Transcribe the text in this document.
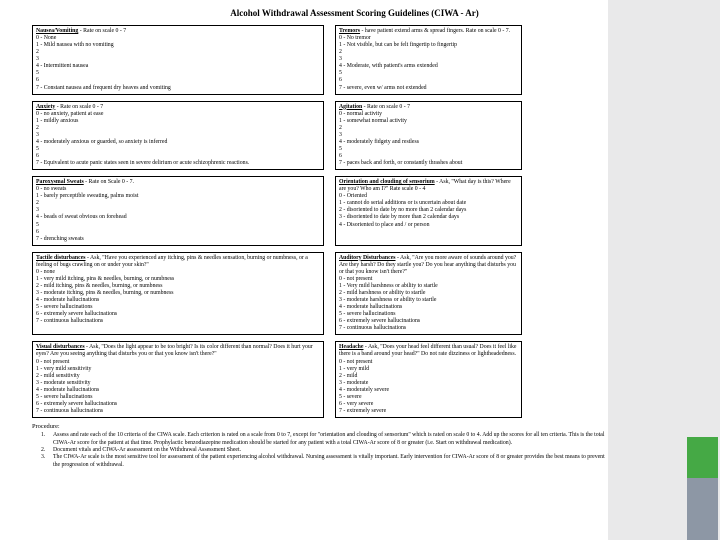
Alcohol Withdrawal Assessment Scoring Guidelines (CIWA - Ar)
Nausea/Vomiting - Rate on scale 0 - 7
0 - None
1 - Mild nausea with no vomiting
2
3
4 - Intermittent nausea
5
6
7 - Constant nausea and frequent dry heaves and vomiting
Tremors - have patient extend arms & spread fingers. Rate on scale 0 - 7.
0 - No tremor
1 - Not visible, but can be felt fingertip to fingertip
2
3
4 - Moderate, with patient's arms extended
5
6
7 - severe, even w/ arms not extended
Anxiety - Rate on scale 0 - 7
0 - no anxiety, patient at ease
1 - mildly anxious
2
3
4 - moderately anxious or guarded, so anxiety is inferred
5
6
7 - Equivalent to acute panic states seen in severe delirium or acute schizophrenic reactions.
Agitation - Rate on scale 0 - 7
0 - normal activity
1 - somewhat normal activity
2
3
4 - moderately fidgety and restless
5
6
7 - paces back and forth, or constantly thrashes about
Paroxysmal Sweats - Rate on Scale 0 - 7.
0 - no sweats
1 - barely perceptible sweating, palms moist
2
3
4 - beads of sweat obvious on forehead
5
6
7 - drenching sweats
Orientation and clouding of sensorium - Ask, "What day is this? Where are you? Who am I?" Rate scale 0 - 4
0 - Oriented
1 - cannot do serial additions or is uncertain about date
2 - disoriented to date by no more than 2 calendar days
3 - disoriented to date by more than 2 calendar days
4 - Disoriented to place and / or person
Tactile disturbances - Ask, "Have you experienced any itching, pins & needles sensation, burning or numbness, or a feeling of bugs crawling on or under your skin?"
0 - none
1 - very mild itching, pins & needles, burning, or numbness
2 - mild itching, pins & needles, burning, or numbness
3 - moderate itching, pins & needles, burning, or numbness
4 - moderate hallucinations
5 - severe hallucinations
6 - extremely severe hallucinations
7 - continuous hallucinations
Auditory Disturbances - Ask, "Are you more aware of sounds around you? Are they harsh? Do they startle you? Do you hear anything that disturbs you or that you know isn't there?"
0 - not present
1 - Very mild harshness or ability to startle
2 - mild harshness or ability to startle
3 - moderate harshness or ability to startle
4 - moderate hallucinations
5 - severe hallucinations
6 - extremely severe hallucinations
7 - continuous hallucinations
Visual disturbances - Ask, "Does the light appear to be too bright? Is its color different than normal? Does it hurt your eyes? Are you seeing anything that disturbs you or that you know isn't there?"
0 - not present
1 - very mild sensitivity
2 - mild sensitivity
3 - moderate sensitivity
4 - moderate hallucinations
5 - severe hallucinations
6 - extremely severe hallucinations
7 - continuous hallucinations
Headache - Ask, "Does your head feel different than usual? Does it feel like there is a band around your head?" Do not rate dizziness or lightheadedness.
0 - not present
1 - very mild
2 - mild
3 - moderate
4 - moderately severe
5 - severe
6 - very severe
7 - extremely severe
Procedure:
1.	Assess and rate each of the 10 criteria of the CIWA scale. Each criterion is rated on a scale from 0 to 7, except for "orientation and clouding of sensorium" which is rated on scale 0 to 4. Add up the scores for all ten criteria. This is the total CIWA-Ar score for the patient at that time. Prophylactic benzodiazepine medication should be started for any patient with a total CIWA-Ar score of 8 or greater (i.e. Start on withdrawal medication).
2.	Document vitals and CIWA-Ar assessment on the Withdrawal Assessment Sheet.
3.	The CIWA-Ar scale is the most sensitive tool for assessment of the patient experiencing alcohol withdrawal. Nursing assessment is vitally important. Early intervention for CIWA-Ar score of 8 or greater provides the best means to prevent the progression of withdrawal.
